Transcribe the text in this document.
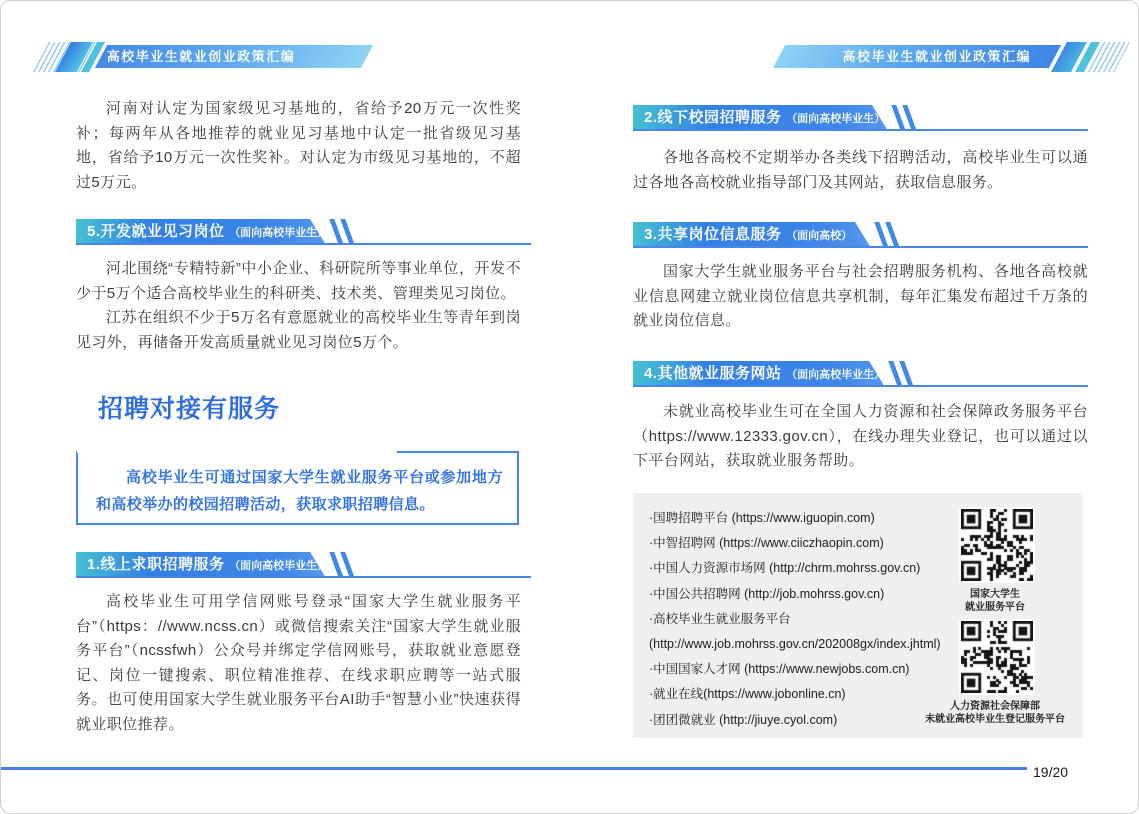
高校毕业生就业创业政策汇编	高校毕业生就业创业政策汇编

河南对认定为国家级见习基地的，省给予20万元一次性奖补；每两年从各地推荐的就业见习基地中认定一批省级见习基地，省给予10万元一次性奖补。对认定为市级见习基地的，不超过5万元。

5.开发就业见习岗位 （面向高校毕业生）

河北围绕“专精特新”中小企业、科研院所等事业单位，开发不少于5万个适合高校毕业生的科研类、技术类、管理类见习岗位。

江苏在组织不少于5万名有意愿就业的高校毕业生等青年到岗见习外，再储备开发高质量就业见习岗位5万个。

招聘对接有服务
高校毕业生可通过国家大学生就业服务平台或参加地方和高校举办的校园招聘活动，获取求职招聘信息。
1.线上求职招聘服务 （面向高校毕业生）

高校毕业生可用学信网账号登录“国家大学生就业服务平台”（https：//www.ncss.cn）或微信搜索关注“国家大学生就业服务平台”（ncssfwh）公众号并绑定学信网账号，获取就业意愿登记、岗位一键搜索、职位精准推荐、在线求职应聘等一站式服务。也可使用国家大学生就业服务平台AI助手“智慧小业”快速获得就业职位推荐。

2.线下校园招聘服务 （面向高校毕业生）

各地各高校不定期举办各类线下招聘活动，高校毕业生可以通过各地各高校就业指导部门及其网站，获取信息服务。

3.共享岗位信息服务 （面向高校）

国家大学生就业服务平台与社会招聘服务机构、各地各高校就业信息网建立就业岗位信息共享机制，每年汇集发布超过千万条的就业岗位信息。

4.其他就业服务网站 （面向高校毕业生）

未就业高校毕业生可在全国人力资源和社会保障政务服务平台（https://www.12333.gov.cn），在线办理失业登记，也可以通过以下平台网站，获取就业服务帮助。

·国聘招聘平台 (https://www.iguopin.com)
·中智招聘网 (https://www.ciiczhaopin.com)
·中国人力资源市场网 (http://chrm.mohrss.gov.cn)
·中国公共招聘网 (http://job.mohrss.gov.cn)
·高校毕业生就业服务平台
(http://www.job.mohrss.gov.cn/202008gx/index.jhtml)
·中国国家人才网 (https://www.newjobs.com.cn)
·就业在线(https://www.jobonline.cn)
·团团微就业 (http://jiuye.cyol.com)
国家大学生
就业服务平台
人力资源社会保障部
未就业高校毕业生登记服务平台
19/20
